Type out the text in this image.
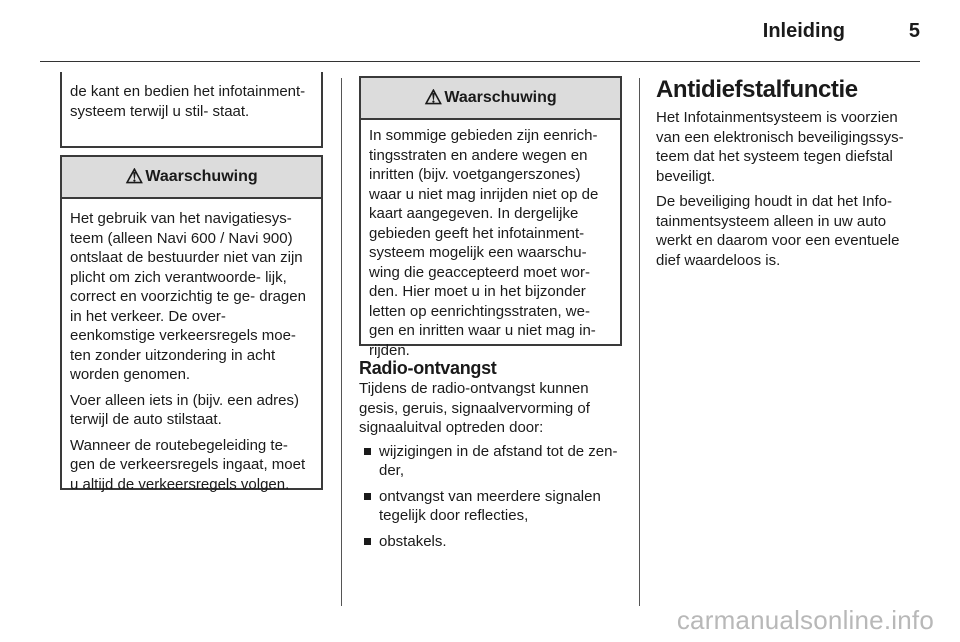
Inleiding	5
de kant en bedien het infotainment-systeem terwijl u stil- staat.
⚠ Waarschuwing

Het gebruik van het navigatiesys- teem (alleen Navi 600 / Navi 900) ontslaat de bestuurder niet van zijn plicht om zich verantwoorde- lijk, correct en voorzichtig te ge- dragen in het verkeer. De over- eenkomstige verkeersregels moe- ten zonder uitzondering in acht worden genomen.

Voer alleen iets in (bijv. een adres) terwijl de auto stilstaat.

Wanneer de routebegeleiding te- gen de verkeersregels ingaat, moet u altijd de verkeersregels volgen.

⚠ Waarschuwing
In sommige gebieden zijn eenrich- tingsstraten en andere wegen en inritten (bijv. voetgangerszones) waar u niet mag inrijden niet op de kaart aangegeven. In dergelijke gebieden geeft het infotainment- systeem mogelijk een waarschu- wing die geaccepteerd moet wor- den. Hier moet u in het bijzonder letten op eenrichtingsstraten, we- gen en inritten waar u niet mag in- rijden.
Radio-ontvangst

Tijdens de radio-ontvangst kunnen gesis, geruis, signaalvervorming of signaaluitval optreden door:

wijzigingen in de afstand tot de zen- der,
ontvangst van meerdere signalen tegelijk door reflecties,
obstakels.
Antidiefstalfunctie

Het Infotainmentsysteem is voorzien van een elektronisch beveiligingssys- teem dat het systeem tegen diefstal beveiligt.

De beveiliging houdt in dat het Info- tainmentsysteem alleen in uw auto werkt en daarom voor een eventuele dief waardeloos is.

carmanualsonline.info
